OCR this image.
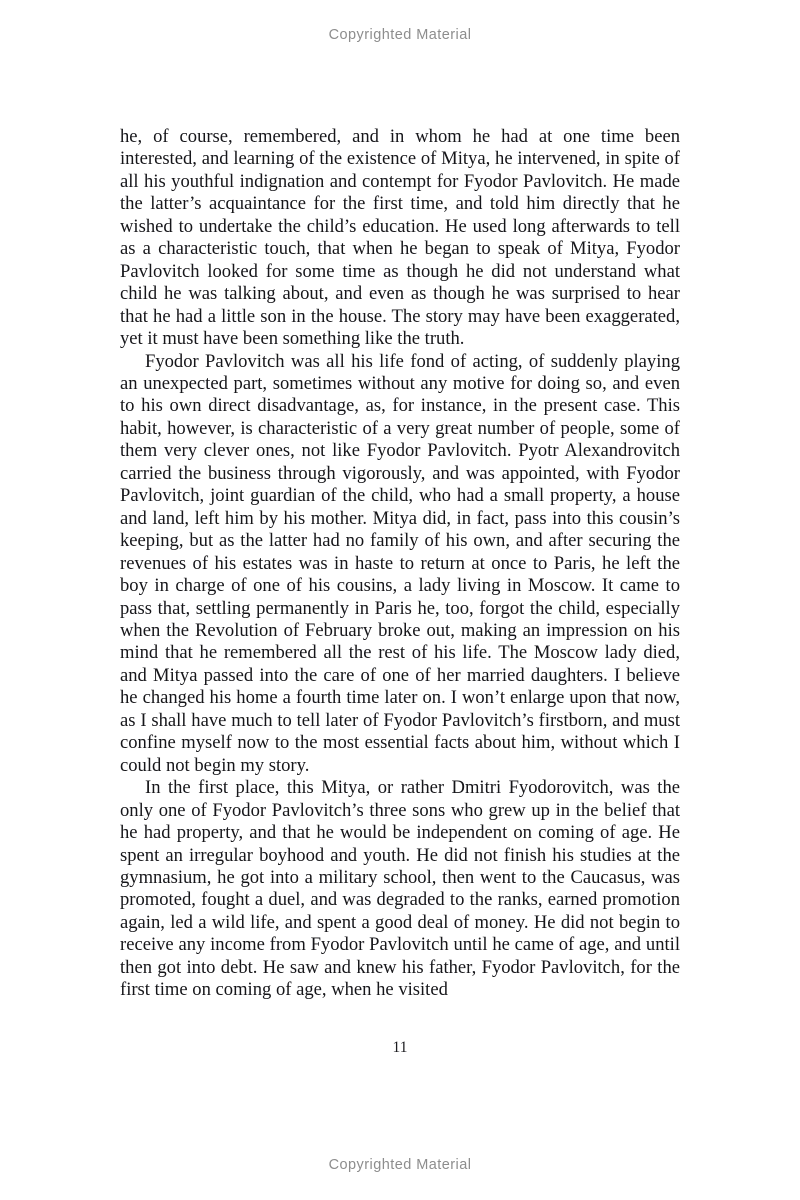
Copyrighted Material

he, of course, remembered, and in whom he had at one time been interested, and learning of the existence of Mitya, he intervened, in spite of all his youthful indignation and contempt for Fyodor Pavlovitch. He made the latter’s acquaintance for the first time, and told him directly that he wished to undertake the child’s education. He used long afterwards to tell as a characteristic touch, that when he began to speak of Mitya, Fyodor Pavlovitch looked for some time as though he did not understand what child he was talking about, and even as though he was surprised to hear that he had a little son in the house. The story may have been exaggerated, yet it must have been something like the truth.

Fyodor Pavlovitch was all his life fond of acting, of suddenly playing an unexpected part, sometimes without any motive for doing so, and even to his own direct disadvantage, as, for instance, in the present case. This habit, however, is characteristic of a very great number of people, some of them very clever ones, not like Fyodor Pavlovitch. Pyotr Alexandrovitch carried the business through vigorously, and was appointed, with Fyodor Pavlovitch, joint guardian of the child, who had a small property, a house and land, left him by his mother. Mitya did, in fact, pass into this cousin’s keeping, but as the latter had no family of his own, and after securing the revenues of his estates was in haste to return at once to Paris, he left the boy in charge of one of his cousins, a lady living in Moscow. It came to pass that, settling permanently in Paris he, too, forgot the child, especially when the Revolution of February broke out, making an impression on his mind that he remembered all the rest of his life. The Moscow lady died, and Mitya passed into the care of one of her married daughters. I believe he changed his home a fourth time later on. I won’t enlarge upon that now, as I shall have much to tell later of Fyodor Pavlovitch’s firstborn, and must confine myself now to the most essential facts about him, without which I could not begin my story.

In the first place, this Mitya, or rather Dmitri Fyodorovitch, was the only one of Fyodor Pavlovitch’s three sons who grew up in the belief that he had property, and that he would be independent on coming of age. He spent an irregular boyhood and youth. He did not finish his studies at the gymnasium, he got into a military school, then went to the Caucasus, was promoted, fought a duel, and was degraded to the ranks, earned promotion again, led a wild life, and spent a good deal of money. He did not begin to receive any income from Fyodor Pavlovitch until he came of age, and until then got into debt. He saw and knew his father, Fyodor Pavlovitch, for the first time on coming of age, when he visited

11
Copyrighted Material
